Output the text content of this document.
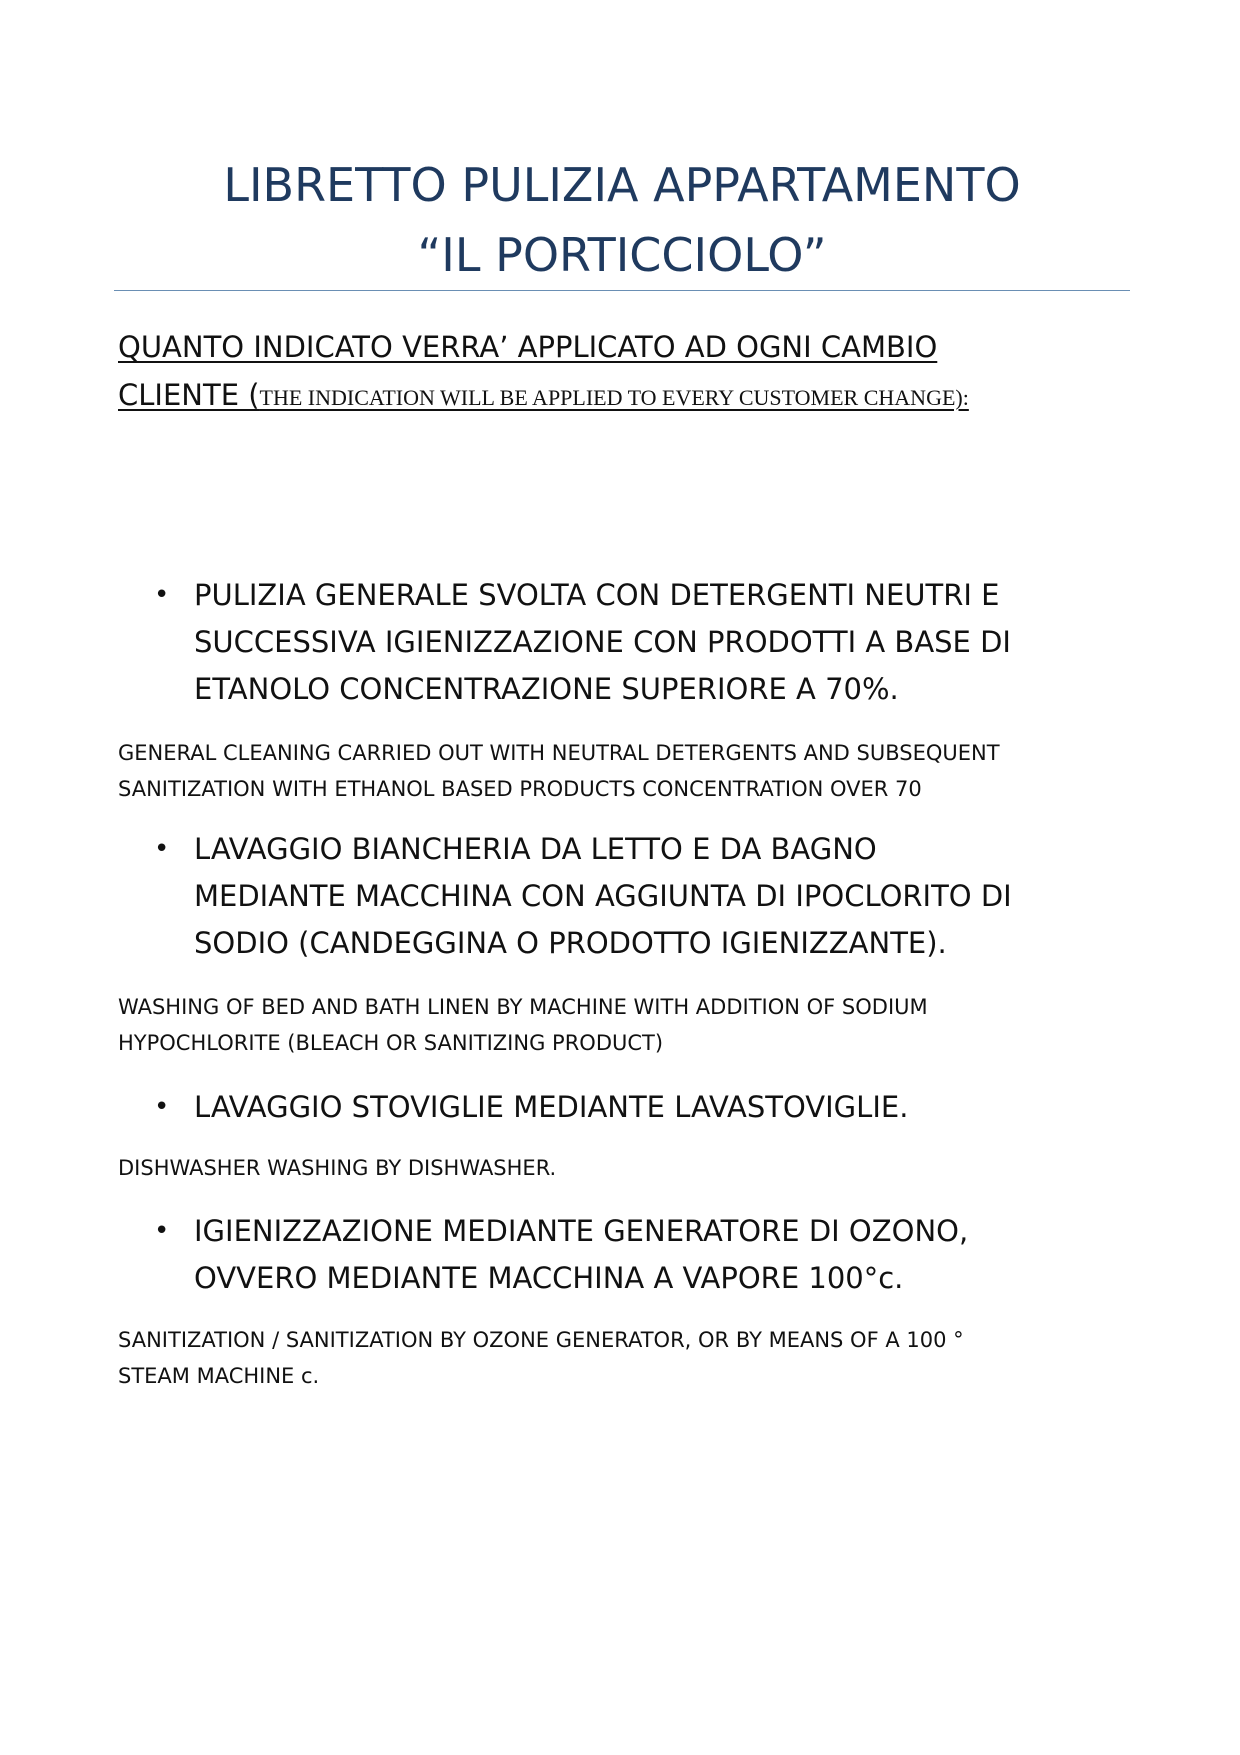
LIBRETTO PULIZIA APPARTAMENTO
“IL PORTICCIOLO”

QUANTO INDICATO VERRA’ APPLICATO AD OGNI CAMBIO
CLIENTE (THE INDICATION WILL BE APPLIED TO EVERY CUSTOMER CHANGE):

• PULIZIA GENERALE SVOLTA CON DETERGENTI NEUTRI E
SUCCESSIVA IGIENIZZAZIONE CON PRODOTTI A BASE DI
ETANOLO CONCENTRAZIONE SUPERIORE A 70%.
GENERAL CLEANING CARRIED OUT WITH NEUTRAL DETERGENTS AND SUBSEQUENT
SANITIZATION WITH ETHANOL BASED PRODUCTS CONCENTRATION OVER 70
• LAVAGGIO BIANCHERIA DA LETTO E DA BAGNO
MEDIANTE MACCHINA CON AGGIUNTA DI IPOCLORITO DI
SODIO (CANDEGGINA O PRODOTTO IGIENIZZANTE).
WASHING OF BED AND BATH LINEN BY MACHINE WITH ADDITION OF SODIUM
HYPOCHLORITE (BLEACH OR SANITIZING PRODUCT)
• LAVAGGIO STOVIGLIE MEDIANTE LAVASTOVIGLIE.
DISHWASHER WASHING BY DISHWASHER.
• IGIENIZZAZIONE MEDIANTE GENERATORE DI OZONO,
OVVERO MEDIANTE MACCHINA A VAPORE 100°c.
SANITIZATION / SANITIZATION BY OZONE GENERATOR, OR BY MEANS OF A 100 °
STEAM MACHINE c.
